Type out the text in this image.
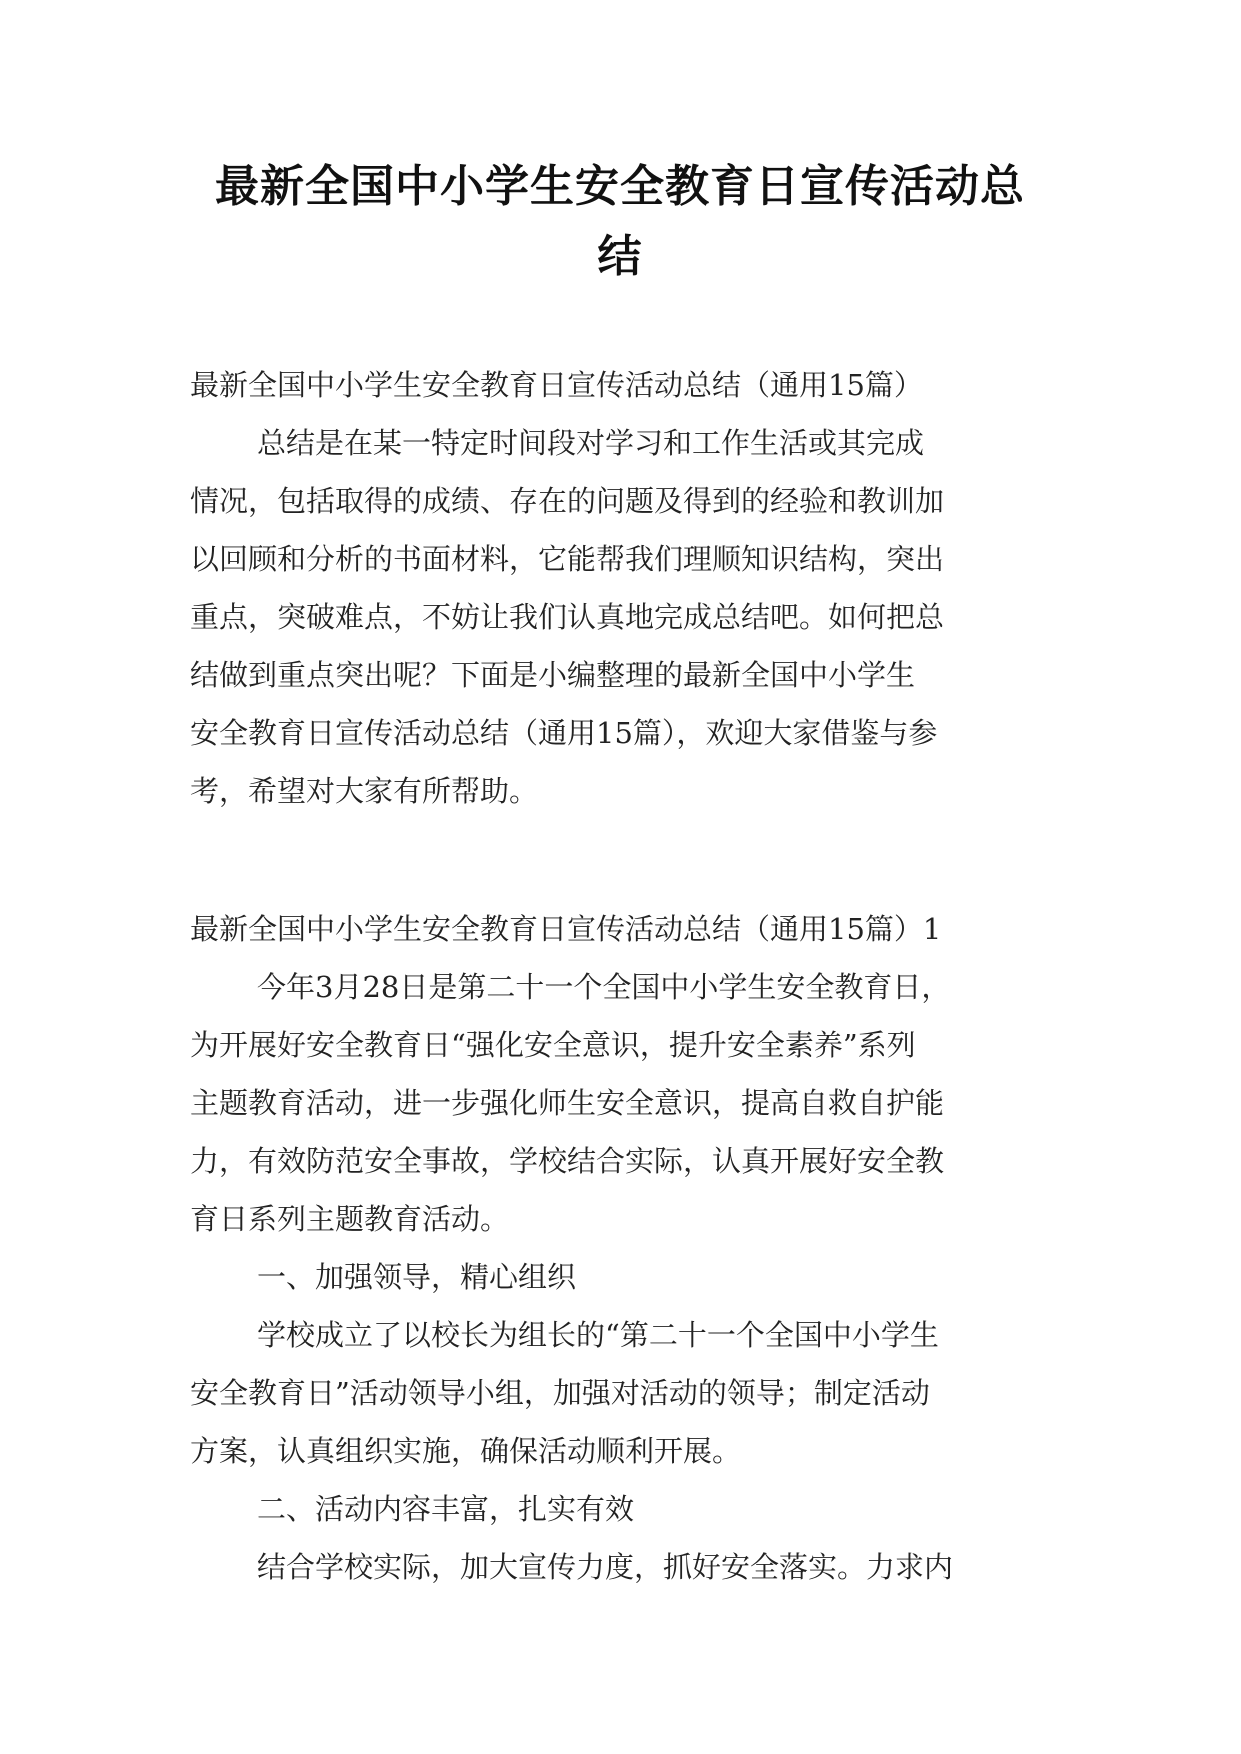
最新全国中小学生安全教育日宣传活动总
结
最新全国中小学生安全教育日宣传活动总结（通用15篇）
总结是在某一特定时间段对学习和工作生活或其完成
情况，包括取得的成绩、存在的问题及得到的经验和教训加
以回顾和分析的书面材料，它能帮我们理顺知识结构，突出
重点，突破难点，不妨让我们认真地完成总结吧。如何把总
结做到重点突出呢？下面是小编整理的最新全国中小学生
安全教育日宣传活动总结（通用15篇），欢迎大家借鉴与参
考，希望对大家有所帮助。
最新全国中小学生安全教育日宣传活动总结（通用15篇）1
今年3月28日是第二十一个全国中小学生安全教育日，
为开展好安全教育日“强化安全意识，提升安全素养”系列
主题教育活动，进一步强化师生安全意识，提高自救自护能
力，有效防范安全事故，学校结合实际，认真开展好安全教
育日系列主题教育活动。
一、加强领导，精心组织
学校成立了以校长为组长的“第二十一个全国中小学生
安全教育日”活动领导小组，加强对活动的领导；制定活动
方案，认真组织实施，确保活动顺利开展。
二、活动内容丰富，扎实有效
结合学校实际，加大宣传力度，抓好安全落实。力求内
